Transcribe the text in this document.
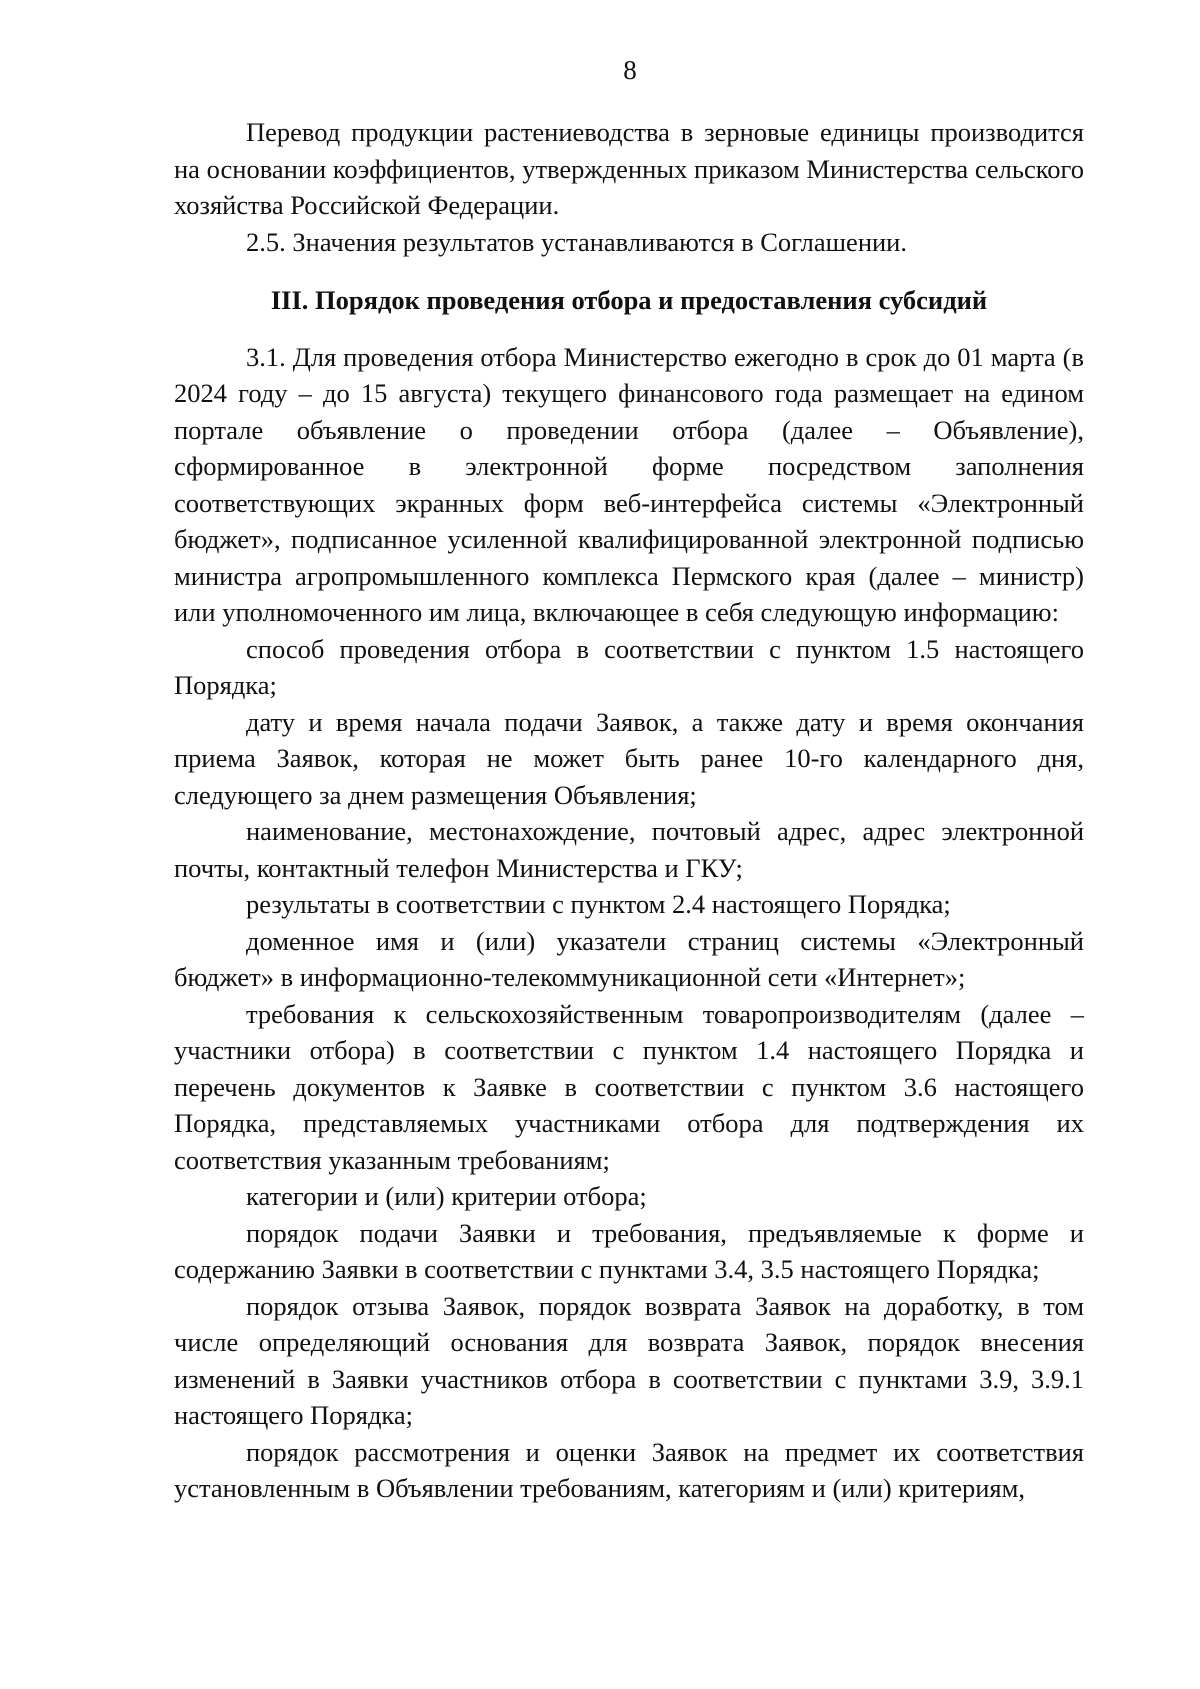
8

Перевод продукции растениеводства в зерновые единицы производится на основании коэффициентов, утвержденных приказом Министерства сельского хозяйства Российской Федерации.

2.5. Значения результатов устанавливаются в Соглашении.

III. Порядок проведения отбора и предоставления субсидий

3.1. Для проведения отбора Министерство ежегодно в срок до 01 марта (в 2024 году – до 15 августа) текущего финансового года размещает на едином портале объявление о проведении отбора (далее – Объявление), сформированное в электронной форме посредством заполнения соответствующих экранных форм веб-интерфейса системы «Электронный бюджет», подписанное усиленной квалифицированной электронной подписью министра агропромышленного комплекса Пермского края (далее – министр) или уполномоченного им лица, включающее в себя следующую информацию:

способ проведения отбора в соответствии с пунктом 1.5 настоящего Порядка;

дату и время начала подачи Заявок, а также дату и время окончания приема Заявок, которая не может быть ранее 10-го календарного дня, следующего за днем размещения Объявления;

наименование, местонахождение, почтовый адрес, адрес электронной почты, контактный телефон Министерства и ГКУ;

результаты в соответствии с пунктом 2.4 настоящего Порядка;

доменное имя и (или) указатели страниц системы «Электронный бюджет» в информационно-телекоммуникационной сети «Интернет»;

требования к сельскохозяйственным товаропроизводителям (далее – участники отбора) в соответствии с пунктом 1.4 настоящего Порядка и перечень документов к Заявке в соответствии с пунктом 3.6 настоящего Порядка, представляемых участниками отбора для подтверждения их соответствия указанным требованиям;

категории и (или) критерии отбора;

порядок подачи Заявки и требования, предъявляемые к форме и содержанию Заявки в соответствии с пунктами 3.4, 3.5 настоящего Порядка;

порядок отзыва Заявок, порядок возврата Заявок на доработку, в том числе определяющий основания для возврата Заявок, порядок внесения изменений в Заявки участников отбора в соответствии с пунктами 3.9, 3.9.1 настоящего Порядка;

порядок рассмотрения и оценки Заявок на предмет их соответствия установленным в Объявлении требованиям, категориям и (или) критериям,
